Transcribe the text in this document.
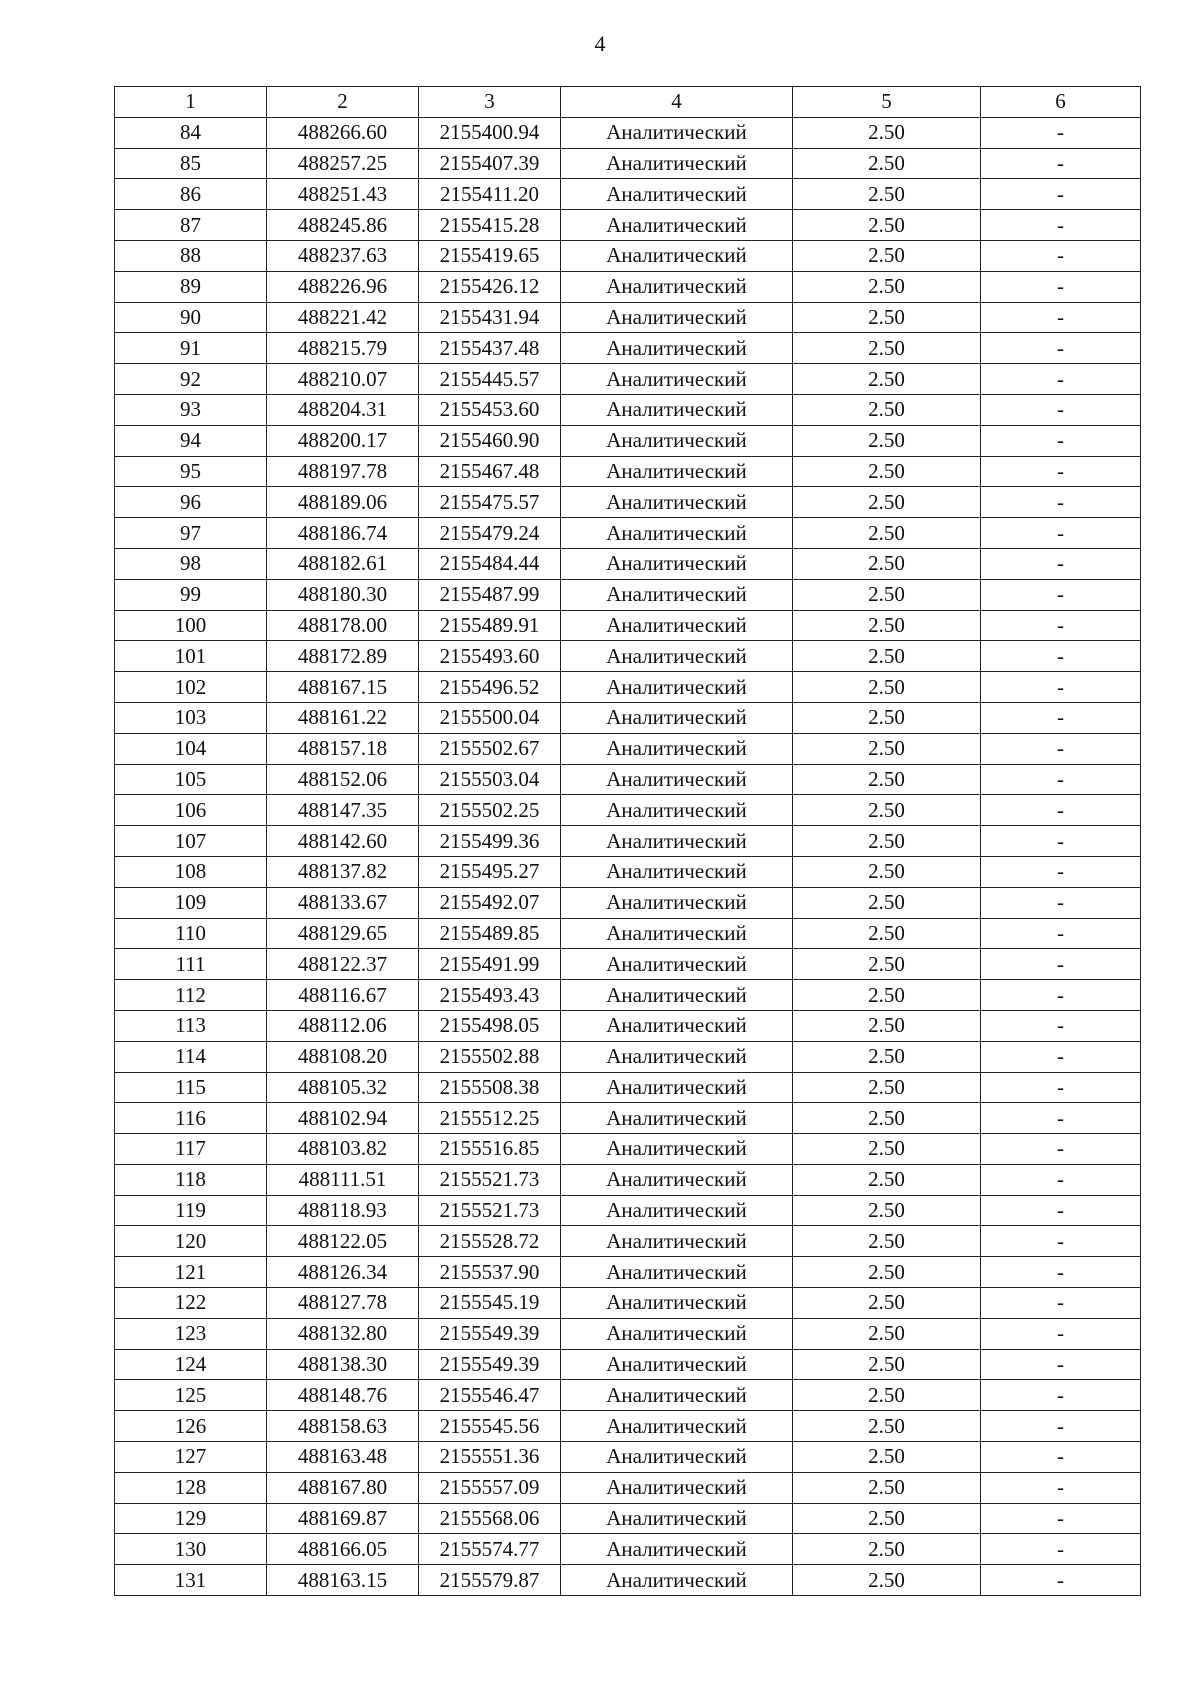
4
1	2	3	4	5	6
84	488266.60	2155400.94	Аналитический	2.50	-
85	488257.25	2155407.39	Аналитический	2.50	-
86	488251.43	2155411.20	Аналитический	2.50	-
87	488245.86	2155415.28	Аналитический	2.50	-
88	488237.63	2155419.65	Аналитический	2.50	-
89	488226.96	2155426.12	Аналитический	2.50	-
90	488221.42	2155431.94	Аналитический	2.50	-
91	488215.79	2155437.48	Аналитический	2.50	-
92	488210.07	2155445.57	Аналитический	2.50	-
93	488204.31	2155453.60	Аналитический	2.50	-
94	488200.17	2155460.90	Аналитический	2.50	-
95	488197.78	2155467.48	Аналитический	2.50	-
96	488189.06	2155475.57	Аналитический	2.50	-
97	488186.74	2155479.24	Аналитический	2.50	-
98	488182.61	2155484.44	Аналитический	2.50	-
99	488180.30	2155487.99	Аналитический	2.50	-
100	488178.00	2155489.91	Аналитический	2.50	-
101	488172.89	2155493.60	Аналитический	2.50	-
102	488167.15	2155496.52	Аналитический	2.50	-
103	488161.22	2155500.04	Аналитический	2.50	-
104	488157.18	2155502.67	Аналитический	2.50	-
105	488152.06	2155503.04	Аналитический	2.50	-
106	488147.35	2155502.25	Аналитический	2.50	-
107	488142.60	2155499.36	Аналитический	2.50	-
108	488137.82	2155495.27	Аналитический	2.50	-
109	488133.67	2155492.07	Аналитический	2.50	-
110	488129.65	2155489.85	Аналитический	2.50	-
111	488122.37	2155491.99	Аналитический	2.50	-
112	488116.67	2155493.43	Аналитический	2.50	-
113	488112.06	2155498.05	Аналитический	2.50	-
114	488108.20	2155502.88	Аналитический	2.50	-
115	488105.32	2155508.38	Аналитический	2.50	-
116	488102.94	2155512.25	Аналитический	2.50	-
117	488103.82	2155516.85	Аналитический	2.50	-
118	488111.51	2155521.73	Аналитический	2.50	-
119	488118.93	2155521.73	Аналитический	2.50	-
120	488122.05	2155528.72	Аналитический	2.50	-
121	488126.34	2155537.90	Аналитический	2.50	-
122	488127.78	2155545.19	Аналитический	2.50	-
123	488132.80	2155549.39	Аналитический	2.50	-
124	488138.30	2155549.39	Аналитический	2.50	-
125	488148.76	2155546.47	Аналитический	2.50	-
126	488158.63	2155545.56	Аналитический	2.50	-
127	488163.48	2155551.36	Аналитический	2.50	-
128	488167.80	2155557.09	Аналитический	2.50	-
129	488169.87	2155568.06	Аналитический	2.50	-
130	488166.05	2155574.77	Аналитический	2.50	-
131	488163.15	2155579.87	Аналитический	2.50	-
